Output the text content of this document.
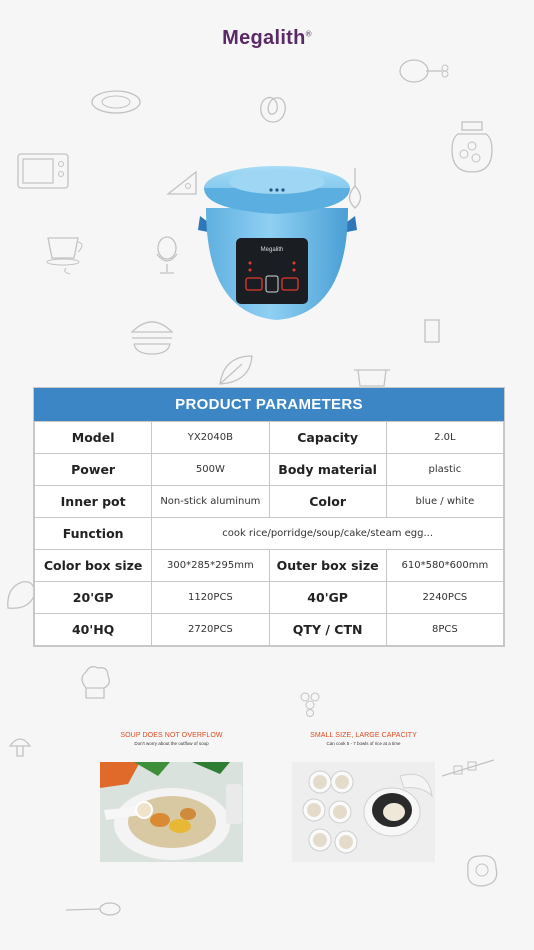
Megalith®
Megalith
PRODUCT PARAMETERS
Model	YX2040B	Capacity	2.0L
Power	500W	Body material	plastic
Inner pot	Non-stick aluminum	Color	blue / white
Function	cook rice/porridge/soup/cake/steam egg...		
Color box size	300*285*295mm	Outer box size	610*580*600mm
20'GP	1120PCS	40'GP	2240PCS
40'HQ	2720PCS	QTY / CTN	8PCS
SOUP DOES NOT OVERFLOW
Don't worry about the outflow of soup
SMALL SIZE, LARGE CAPACITY
Can cook 5 - 7 bowls of rice at a time
